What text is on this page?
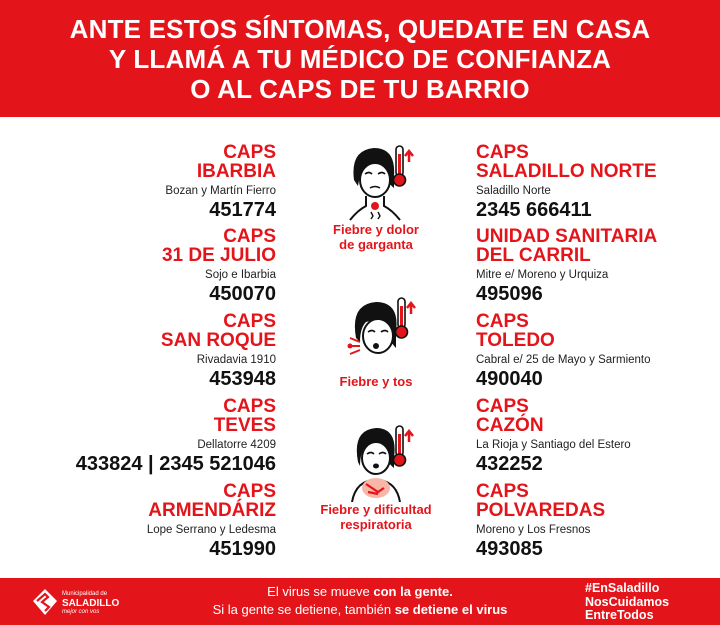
ANTE ESTOS SÍNTOMAS, QUEDATE EN CASA
Y LLAMÁ A TU MÉDICO DE CONFIANZA
O AL CAPS DE TU BARRIO
CAPS
IBARBIA
Bozan y Martín Fierro
451774
CAPS
31 DE JULIO
Sojo e Ibarbia
450070
CAPS
SAN ROQUE
Rivadavia 1910
453948
CAPS
TEVES
Dellatorre 4209
433824 | 2345 521046
CAPS
ARMENDÁRIZ
Lope Serrano y Ledesma
451990
CAPS
SALADILLO NORTE
Saladillo Norte
2345 666411
UNIDAD SANITARIA
DEL CARRIL
Mitre e/ Moreno y Urquiza
495096
CAPS
TOLEDO
Cabral e/ 25 de Mayo y Sarmiento
490040
CAPS
CAZÓN
La Rioja y Santiago del Estero
432252
CAPS
POLVAREDAS
Moreno y Los Fresnos
493085
Fiebre y dolor
de garganta
Fiebre y tos
Fiebre y dificultad
respiratoria
Municipalidad de
SALADILLO
mejor con vos
El virus se mueve con la gente.
Si la gente se detiene, también se detiene el virus
#EnSaladillo
NosCuidamos
EntreTodos
